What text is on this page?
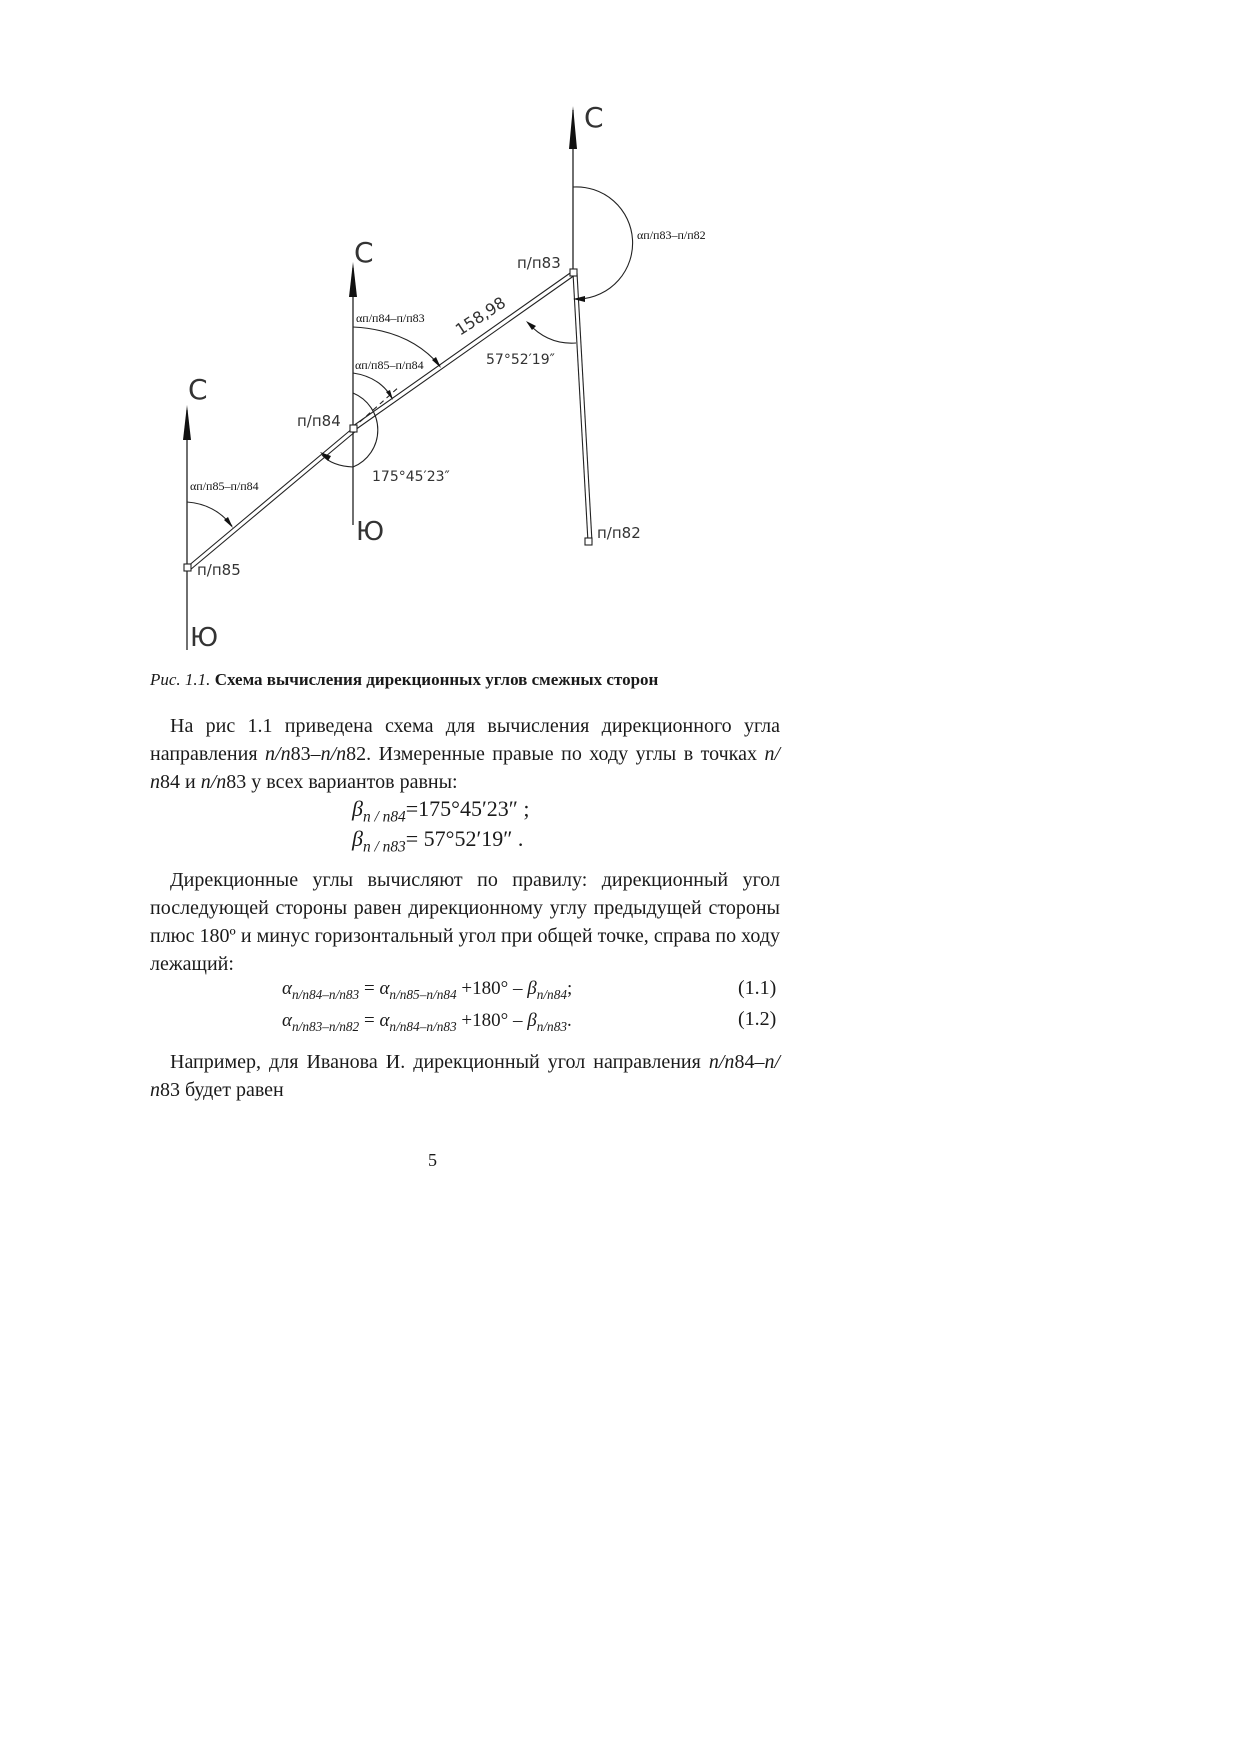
С
С
С
Ю
Ю
п/п85
п/п84
п/п83
п/п82
αп/п85–п/п84
αп/п84–п/п83
αп/п85–п/п84
αп/п83–п/п82
158,98
175°45′23″
57°52′19″
Рис. 1.1. Схема вычисления дирекционных углов смежных сторон

На рис 1.1 приведена схема для вычисления дирекционного угла направления п/п83–п/п82. Измеренные правые по ходу углы в точках п/п84 и п/п83 у всех вариантов равны:

$\beta_{п / п84}=175^\circ 45'23''$ ;
$\beta_{п / п83}= 57^\circ 52'19''$ .

Дирекционные углы вычисляют по правилу: дирекционный угол последующей стороны равен дирекционному углу предыдущей стороны плюс 180º и минус горизонтальный угол при общей точке, справа по ходу лежащий:

$\alpha_{п/п84-п/п83} = \alpha_{п/п85-п/п84} +180^\circ - \beta_{п/п84}$;	(1.1)
$\alpha_{п/п83-п/п82} = \alpha_{п/п84-п/п83} +180^\circ - \beta_{п/п83}$.	(1.2)

Например, для Иванова И. дирекционный угол направления п/п84–п/п83 будет равен

5
